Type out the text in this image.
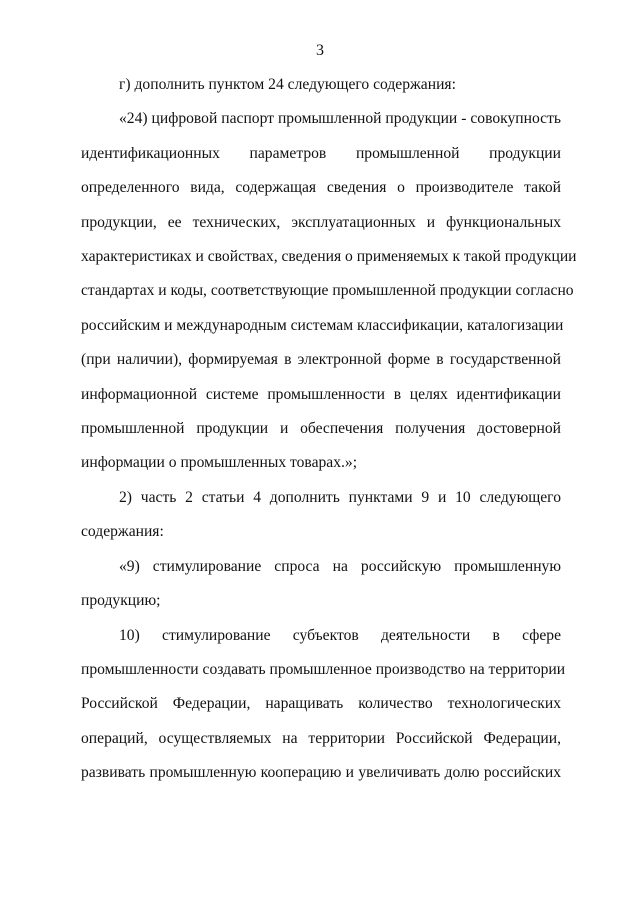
3
г) дополнить пунктом 24 следующего содержания:
«24) цифровой паспорт промышленной продукции - совокупность
идентификационных параметров промышленной продукции
определенного вида, содержащая сведения о производителе такой
продукции, ее технических, эксплуатационных и функциональных
характеристиках и свойствах, сведения о применяемых к такой продукции
стандартах и коды, соответствующие промышленной продукции согласно
российским и международным системам классификации, каталогизации
(при наличии), формируемая в электронной форме в государственной
информационной системе промышленности в целях идентификации
промышленной продукции и обеспечения получения достоверной
информации о промышленных товарах.»;
2) часть 2 статьи 4 дополнить пунктами 9 и 10 следующего
содержания:
«9) стимулирование спроса на российскую промышленную
продукцию;
10) стимулирование субъектов деятельности в сфере
промышленности создавать промышленное производство на территории
Российской Федерации, наращивать количество технологических
операций, осуществляемых на территории Российской Федерации,
развивать промышленную кооперацию и увеличивать долю российских
